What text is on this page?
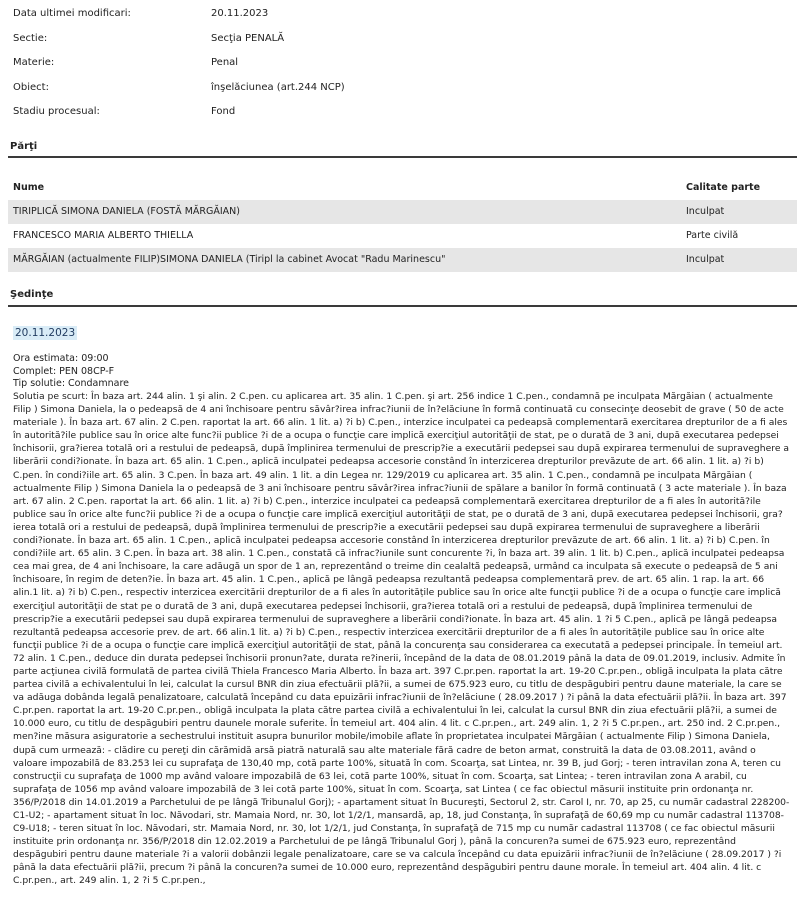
Data ultimei modificari:	20.11.2023
Sectie:	Secţia PENALĂ
Materie:	Penal
Obiect:	înşelăciunea (art.244 NCP)
Stadiu procesual:	Fond
Părţi
Nume	Calitate parte
TIRIPLICĂ SIMONA DANIELA (FOSTĂ MĂRGĂIAN)	Inculpat
FRANCESCO MARIA ALBERTO THIELLA	Parte civilă
MĂRGĂIAN (actualmente FILIP)SIMONA DANIELA (Tiripl la cabinet Avocat "Radu Marinescu"	Inculpat
Şedinţe
20.11.2023
Ora estimata: 09:00
Complet: PEN 08CP-F
Tip solutie: Condamnare
Solutia pe scurt: În baza art. 244 alin. 1 şi alin. 2 C.pen. cu aplicarea art. 35 alin. 1 C.pen. şi art. 256 indice 1 C.pen., condamnă pe inculpata Mărgăian ( actualmente Filip ) Simona Daniela, la o pedeapsă de 4 ani închisoare pentru săvâr?irea infrac?iunii de în?elăciune în formă continuată cu consecinţe deosebit de grave ( 50 de acte materiale ). În baza art. 67 alin. 2 C.pen. raportat la art. 66 alin. 1 lit. a) ?i b) C.pen., interzice inculpatei ca pedeapsă complementară exercitarea drepturilor de a fi ales în autorită?ile publice sau în orice alte func?ii publice ?i de a ocupa o funcţie care implică exerciţiul autorităţii de stat, pe o durată de 3 ani, după executarea pedepsei închisorii, gra?ierea totală ori a restului de pedeapsă, după împlinirea termenului de prescrip?ie a executării pedepsei sau după expirarea termenului de supraveghere a liberării condi?ionate. În baza art. 65 alin. 1 C.pen., aplică inculpatei pedeapsa accesorie constând în interzicerea drepturilor prevăzute de art. 66 alin. 1 lit. a) ?i b) C.pen. în condi?iile art. 65 alin. 3 C.pen. În baza art. 49 alin. 1 lit. a din Legea nr. 129/2019 cu aplicarea art. 35 alin. 1 C.pen., condamnă pe inculpata Mărgăian ( actualmente Filip ) Simona Daniela la o pedeapsă de 3 ani închisoare pentru săvâr?irea infrac?iunii de spălare a banilor în formă continuată ( 3 acte materiale ). În baza art. 67 alin. 2 C.pen. raportat la art. 66 alin. 1 lit. a) ?i b) C.pen., interzice inculpatei ca pedeapsă complementară exercitarea drepturilor de a fi ales în autorită?ile publice sau în orice alte func?ii publice ?i de a ocupa o funcţie care implică exerciţiul autorităţii de stat, pe o durată de 3 ani, după executarea pedepsei închisorii, gra?ierea totală ori a restului de pedeapsă, după împlinirea termenului de prescrip?ie a executării pedepsei sau după expirarea termenului de supraveghere a liberării condi?ionate. În baza art. 65 alin. 1 C.pen., aplică inculpatei pedeapsa accesorie constând în interzicerea drepturilor prevăzute de art. 66 alin. 1 lit. a) ?i b) C.pen. în condi?iile art. 65 alin. 3 C.pen. În baza art. 38 alin. 1 C.pen., constată că infrac?iunile sunt concurente ?i, în baza art. 39 alin. 1 lit. b) C.pen., aplică inculpatei pedeapsa cea mai grea, de 4 ani închisoare, la care adăugă un spor de 1 an, reprezentând o treime din cealaltă pedeapsă, urmând ca inculpata să execute o pedeapsă de 5 ani închisoare, în regim de deten?ie. În baza art. 45 alin. 1 C.pen., aplică pe lângă pedeapsa rezultantă pedeapsa complementară prev. de art. 65 alin. 1 rap. la art. 66 alin.1 lit. a) ?i b) C.pen., respectiv interzicea exercitării drepturilor de a fi ales în autoritățile publice sau în orice alte funcţii publice ?i de a ocupa o funcţie care implică exerciţiul autorităţii de stat pe o durată de 3 ani, după executarea pedepsei închisorii, gra?ierea totală ori a restului de pedeapsă, după împlinirea termenului de prescrip?ie a executării pedepsei sau după expirarea termenului de supraveghere a liberării condi?ionate. În baza art. 45 alin. 1 ?i 5 C.pen., aplică pe lângă pedeapsa rezultantă pedeapsa accesorie prev. de art. 66 alin.1 lit. a) ?i b) C.pen., respectiv interzicea exercitării drepturilor de a fi ales în autoritățile publice sau în orice alte funcţii publice ?i de a ocupa o funcţie care implică exerciţiul autorităţii de stat, până la concurenţa sau considerarea ca executată a pedepsei principale. În temeiul art. 72 alin. 1 C.pen., deduce din durata pedepsei închisorii pronun?ate, durata re?inerii, începând de la data de 08.01.2019 până la data de 09.01.2019, inclusiv. Admite în parte acţiunea civilă formulată de partea civilă Thiela Francesco Maria Alberto. În baza art. 397 C.pr.pen. raportat la art. 19-20 C.pr.pen., obligă inculpata la plata către partea civilă a echivalentului în lei, calculat la cursul BNR din ziua efectuării plă?ii, a sumei de 675.923 euro, cu titlu de despăgubiri pentru daune materiale, la care se va adăuga dobânda legală penalizatoare, calculată începând cu data epuizării infrac?iunii de în?elăciune ( 28.09.2017 ) ?i până la data efectuării plă?ii. În baza art. 397 C.pr.pen. raportat la art. 19-20 C.pr.pen., obligă inculpata la plata către partea civilă a echivalentului în lei, calculat la cursul BNR din ziua efectuării plă?ii, a sumei de 10.000 euro, cu titlu de despăgubiri pentru daunele morale suferite. În temeiul art. 404 alin. 4 lit. c C.pr.pen., art. 249 alin. 1, 2 ?i 5 C.pr.pen., art. 250 ind. 2 C.pr.pen., men?ine măsura asiguratorie a sechestrului instituit asupra bunurilor mobile/imobile aflate în proprietatea inculpatei Mărgăian ( actualmente Filip ) Simona Daniela, după cum urmează: - clădire cu pereţi din cărămidă arsă piatră naturală sau alte materiale fără cadre de beton armat, construită la data de 03.08.2011, având o valoare impozabilă de 83.253 lei cu suprafaţa de 130,40 mp, cotă parte 100%, situată în com. Scoarţa, sat Lintea, nr. 39 B, jud Gorj; - teren intravilan zona A, teren cu construcţii cu suprafaţa de 1000 mp având valoare impozabilă de 63 lei, cotă parte 100%, situat în com. Scoarţa, sat Lintea; - teren intravilan zona A arabil, cu suprafaţa de 1056 mp având valoare impozabilă de 3 lei cotă parte 100%, situat în com. Scoarţa, sat Lintea ( ce fac obiectul măsurii instituite prin ordonanţa nr. 356/P/2018 din 14.01.2019 a Parchetului de pe lângă Tribunalul Gorj); - apartament situat în Bucureşti, Sectorul 2, str. Carol I, nr. 70, ap 25, cu număr cadastral 228200-C1-U2; - apartament situat în loc. Năvodari, str. Mamaia Nord, nr. 30, lot 1/2/1, mansardă, ap, 18, jud Constanţa, în suprafaţă de 60,69 mp cu număr cadastral 113708-C9-U18; - teren situat în loc. Năvodari, str. Mamaia Nord, nr. 30, lot 1/2/1, jud Constanţa, în suprafaţă de 715 mp cu număr cadastral 113708 ( ce fac obiectul măsurii instituite prin ordonanţa nr. 356/P/2018 din 12.02.2019 a Parchetului de pe lângă Tribunalul Gorj ), până la concuren?a sumei de 675.923 euro, reprezentând despăgubiri pentru daune materiale ?i a valorii dobânzii legale penalizatoare, care se va calcula începând cu data epuizării infrac?iunii de în?elăciune ( 28.09.2017 ) ?i până la data efectuării plă?ii, precum ?i până la concuren?a sumei de 10.000 euro, reprezentând despăgubiri pentru daune morale. În temeiul art. 404 alin. 4 lit. c C.pr.pen., art. 249 alin. 1, 2 ?i 5 C.pr.pen.,
